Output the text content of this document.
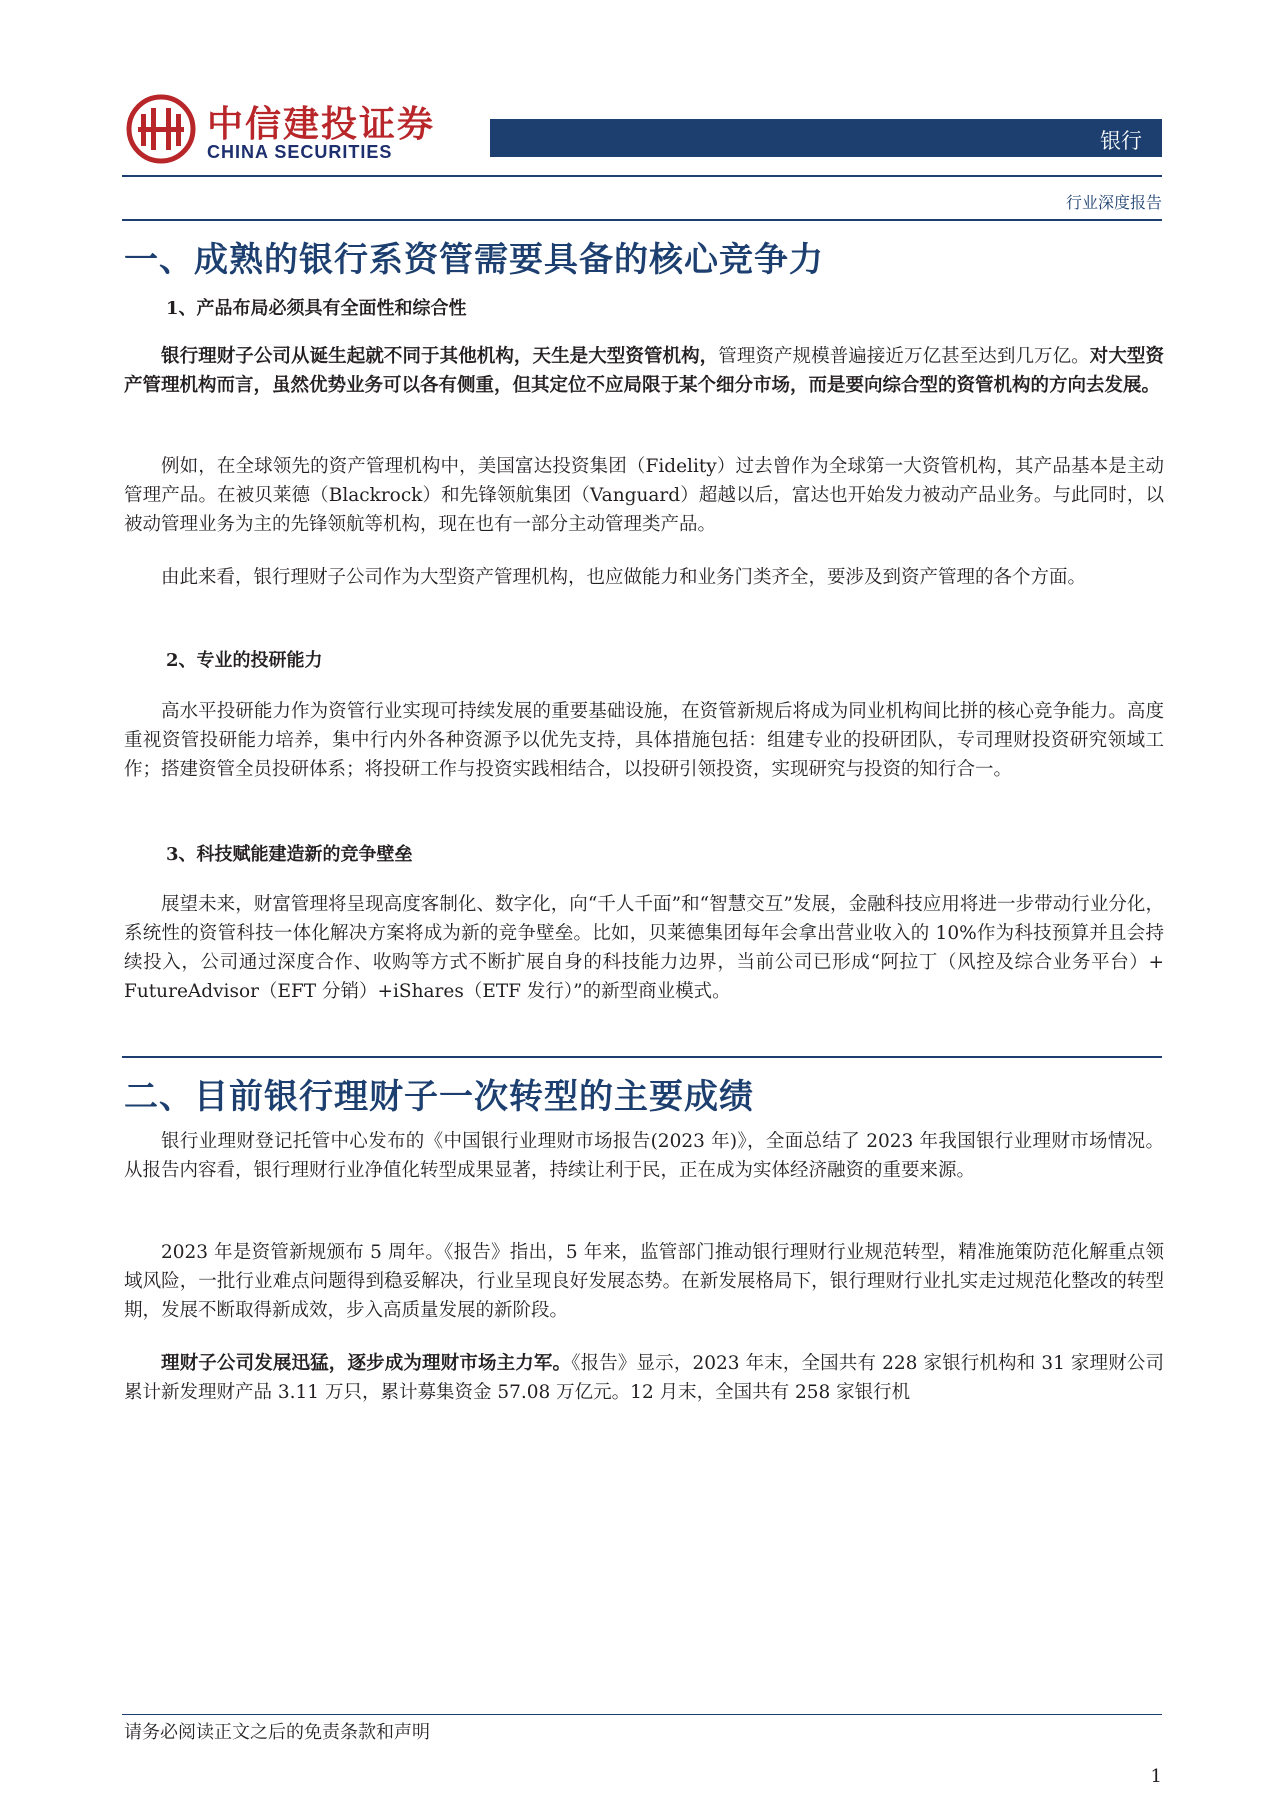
中信建投证券
CHINA SECURITIES	银行
行业深度报告
一、成熟的银行系资管需要具备的核心竞争力
1、产品布局必须具有全面性和综合性
银行理财子公司从诞生起就不同于其他机构，天生是大型资管机构，管理资产规模普遍接近万亿甚至达到几万亿。对大型资产管理机构而言，虽然优势业务可以各有侧重，但其定位不应局限于某个细分市场，而是要向综合型的资管机构的方向去发展。
例如，在全球领先的资产管理机构中，美国富达投资集团（Fidelity）过去曾作为全球第一大资管机构，其产品基本是主动管理产品。在被贝莱德（Blackrock）和先锋领航集团（Vanguard）超越以后，富达也开始发力被动产品业务。与此同时，以被动管理业务为主的先锋领航等机构，现在也有一部分主动管理类产品。
由此来看，银行理财子公司作为大型资产管理机构，也应做能力和业务门类齐全，要涉及到资产管理的各个方面。
2、专业的投研能力
高水平投研能力作为资管行业实现可持续发展的重要基础设施，在资管新规后将成为同业机构间比拼的核心竞争能力。高度重视资管投研能力培养，集中行内外各种资源予以优先支持，具体措施包括：组建专业的投研团队，专司理财投资研究领域工作；搭建资管全员投研体系；将投研工作与投资实践相结合，以投研引领投资，实现研究与投资的知行合一。
3、科技赋能建造新的竞争壁垒
展望未来，财富管理将呈现高度客制化、数字化，向“千人千面”和“智慧交互”发展，金融科技应用将进一步带动行业分化，系统性的资管科技一体化解决方案将成为新的竞争壁垒。比如，贝莱德集团每年会拿出营业收入的 10%作为科技预算并且会持续投入，公司通过深度合作、收购等方式不断扩展自身的科技能力边界，当前公司已形成“阿拉丁（风控及综合业务平台）+ FutureAdvisor（EFT 分销）+iShares（ETF 发行）”的新型商业模式。
二、目前银行理财子一次转型的主要成绩
银行业理财登记托管中心发布的《中国银行业理财市场报告(2023 年)》，全面总结了 2023 年我国银行业理财市场情况。从报告内容看，银行理财行业净值化转型成果显著，持续让利于民，正在成为实体经济融资的重要来源。
2023 年是资管新规颁布 5 周年。《报告》指出，5 年来，监管部门推动银行理财行业规范转型，精准施策防范化解重点领域风险，一批行业难点问题得到稳妥解决，行业呈现良好发展态势。在新发展格局下，银行理财行业扎实走过规范化整改的转型期，发展不断取得新成效，步入高质量发展的新阶段。
理财子公司发展迅猛，逐步成为理财市场主力军。《报告》显示，2023 年末，全国共有 228 家银行机构和 31 家理财公司累计新发理财产品 3.11 万只，累计募集资金 57.08 万亿元。12 月末，全国共有 258 家银行机
请务必阅读正文之后的免责条款和声明
1
